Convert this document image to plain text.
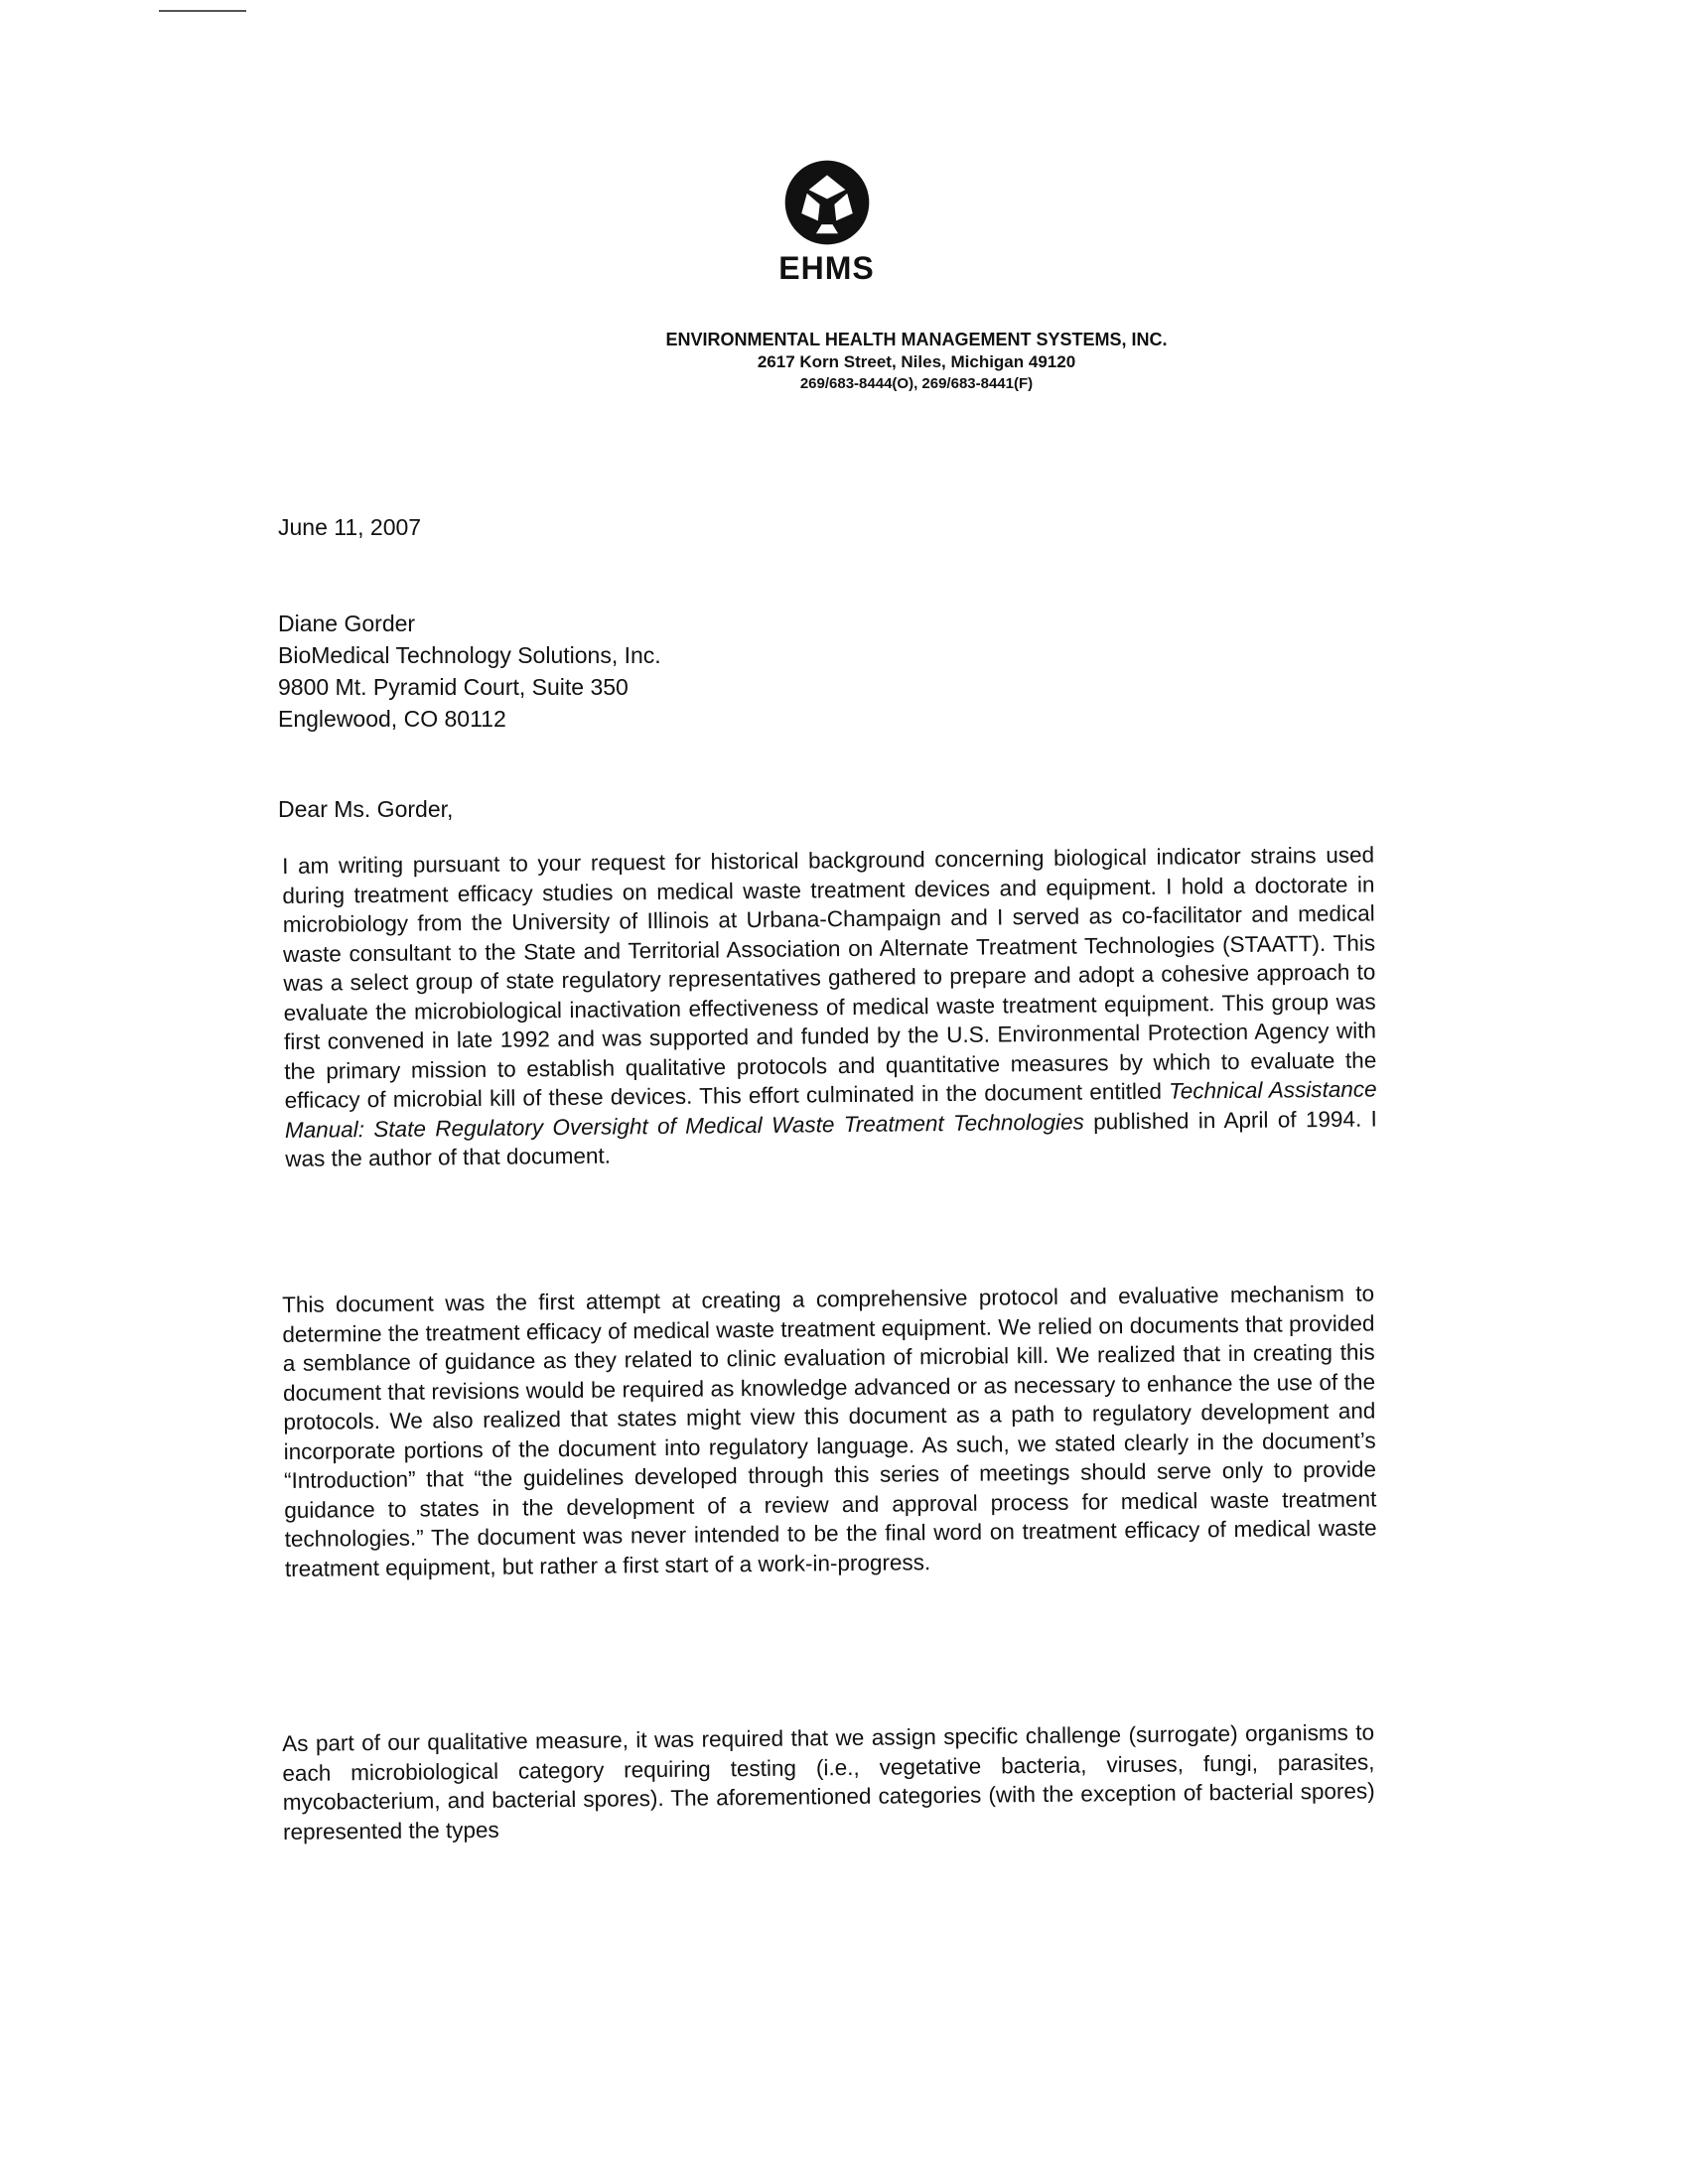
EHMS
ENVIRONMENTAL HEALTH MANAGEMENT SYSTEMS, INC.
2617 Korn Street, Niles, Michigan 49120
269/683-8444(O), 269/683-8441(F)
June 11, 2007
Diane Gorder
BioMedical Technology Solutions, Inc.
9800 Mt. Pyramid Court, Suite 350
Englewood, CO 80112
Dear Ms. Gorder,

I am writing pursuant to your request for historical background concerning biological indicator strains used during treatment efficacy studies on medical waste treatment devices and equipment. I hold a doctorate in microbiology from the University of Illinois at Urbana-Champaign and I served as co-facilitator and medical waste consultant to the State and Territorial Association on Alternate Treatment Technologies (STAATT). This was a select group of state regulatory representatives gathered to prepare and adopt a cohesive approach to evaluate the microbiological inactivation effectiveness of medical waste treatment equipment. This group was first convened in late 1992 and was supported and funded by the U.S. Environmental Protection Agency with the primary mission to establish qualitative protocols and quantitative measures by which to evaluate the efficacy of microbial kill of these devices. This effort culminated in the document entitled Technical Assistance Manual: State Regulatory Oversight of Medical Waste Treatment Technologies published in April of 1994. I was the author of that document.

This document was the first attempt at creating a comprehensive protocol and evaluative mechanism to determine the treatment efficacy of medical waste treatment equipment. We relied on documents that provided a semblance of guidance as they related to clinic evaluation of microbial kill. We realized that in creating this document that revisions would be required as knowledge advanced or as necessary to enhance the use of the protocols. We also realized that states might view this document as a path to regulatory development and incorporate portions of the document into regulatory language. As such, we stated clearly in the document’s “Introduction” that “the guidelines developed through this series of meetings should serve only to provide guidance to states in the development of a review and approval process for medical waste treatment technologies.” The document was never intended to be the final word on treatment efficacy of medical waste treatment equipment, but rather a first start of a work-in-progress.

As part of our qualitative measure, it was required that we assign specific challenge (surrogate) organisms to each microbiological category requiring testing (i.e., vegetative bacteria, viruses, fungi, parasites, mycobacterium, and bacterial spores). The aforementioned categories (with the exception of bacterial spores) represented the types
